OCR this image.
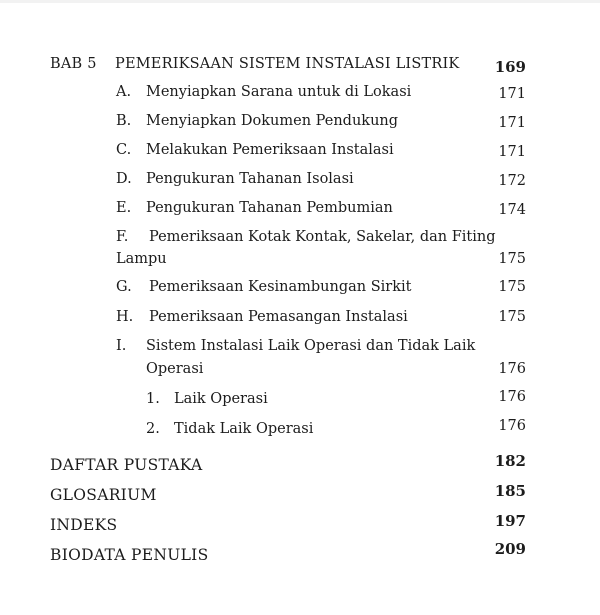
BAB 5 PEMERIKSAAN SISTEM INSTALASI LISTRIK	169
A. Menyiapkan Sarana untuk di Lokasi	171
B. Menyiapkan Dokumen Pendukung	171
C. Melakukan Pemeriksaan Instalasi	171
D. Pengukuran Tahanan Isolasi	172
E. Pengukuran Tahanan Pembumian	174
F. Pemeriksaan Kotak Kontak, Sakelar, dan Fiting
Lampu	175
G. Pemeriksaan Kesinambungan Sirkit	175
H. Pemeriksaan Pemasangan Instalasi	175
I. Sistem Instalasi Laik Operasi dan Tidak Laik
Operasi	176
1. Laik Operasi	176
2. Tidak Laik Operasi	176
DAFTAR PUSTAKA	182
GLOSARIUM	185
INDEKS	197
BIODATA PENULIS	209
